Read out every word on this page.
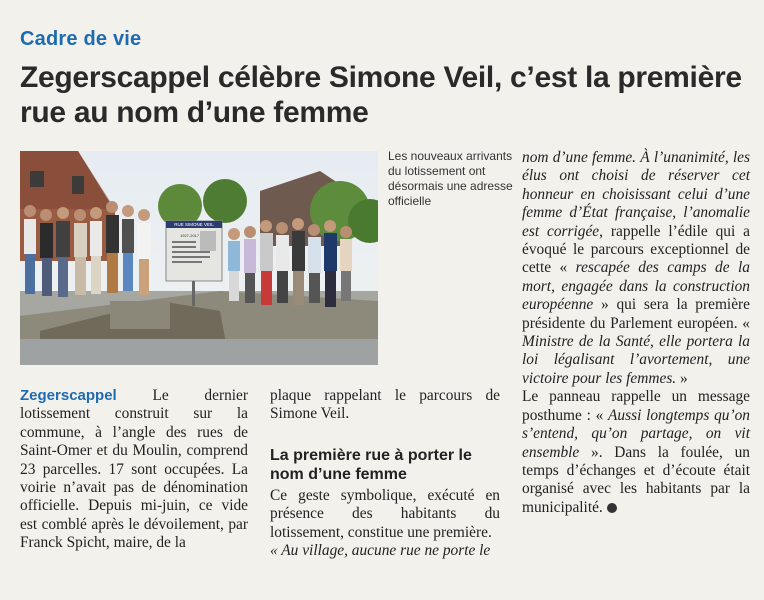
Cadre de vie
Zegerscappel célèbre Simone Veil, c’est la première rue au nom d’une femme
RUE SIMONE VEIL
1927-2017
Les nouveaux arrivants du lotissement ont désormais une adresse officielle
Zegerscappel Le dernier lotissement construit sur la commune, à l’angle des rues de Saint-Omer et du Moulin, comprend 23 parcelles. 17 sont occupées. La voirie n’avait pas de dénomination officielle. Depuis mi-juin, ce vide est comblé après le dévoilement, par Franck Spicht, maire, de la

plaque rappelant le parcours de Simone Veil.

La première rue à porter le nom d’une femme

Ce geste symbolique, exécuté en présence des habitants du lotissement, constitue une première.

« Au village, aucune rue ne porte le

nom d’une femme. À l’unanimité, les élus ont choisi de réserver cet honneur en choisissant celui d’une femme d’État française, l’anomalie est corrigée, rappelle l’édile qui a évoqué le parcours exceptionnel de cette « rescapée des camps de la mort, engagée dans la construction européenne » qui sera la première présidente du Parlement européen. « Ministre de la Santé, elle portera la loi légalisant l’avortement, une victoire pour les femmes. »

Le panneau rappelle un message posthume : « Aussi longtemps qu’on s’entend, qu’on partage, on vit ensemble ». Dans la foulée, un temps d’échanges et d’écoute était organisé avec les habitants par la municipalité.
